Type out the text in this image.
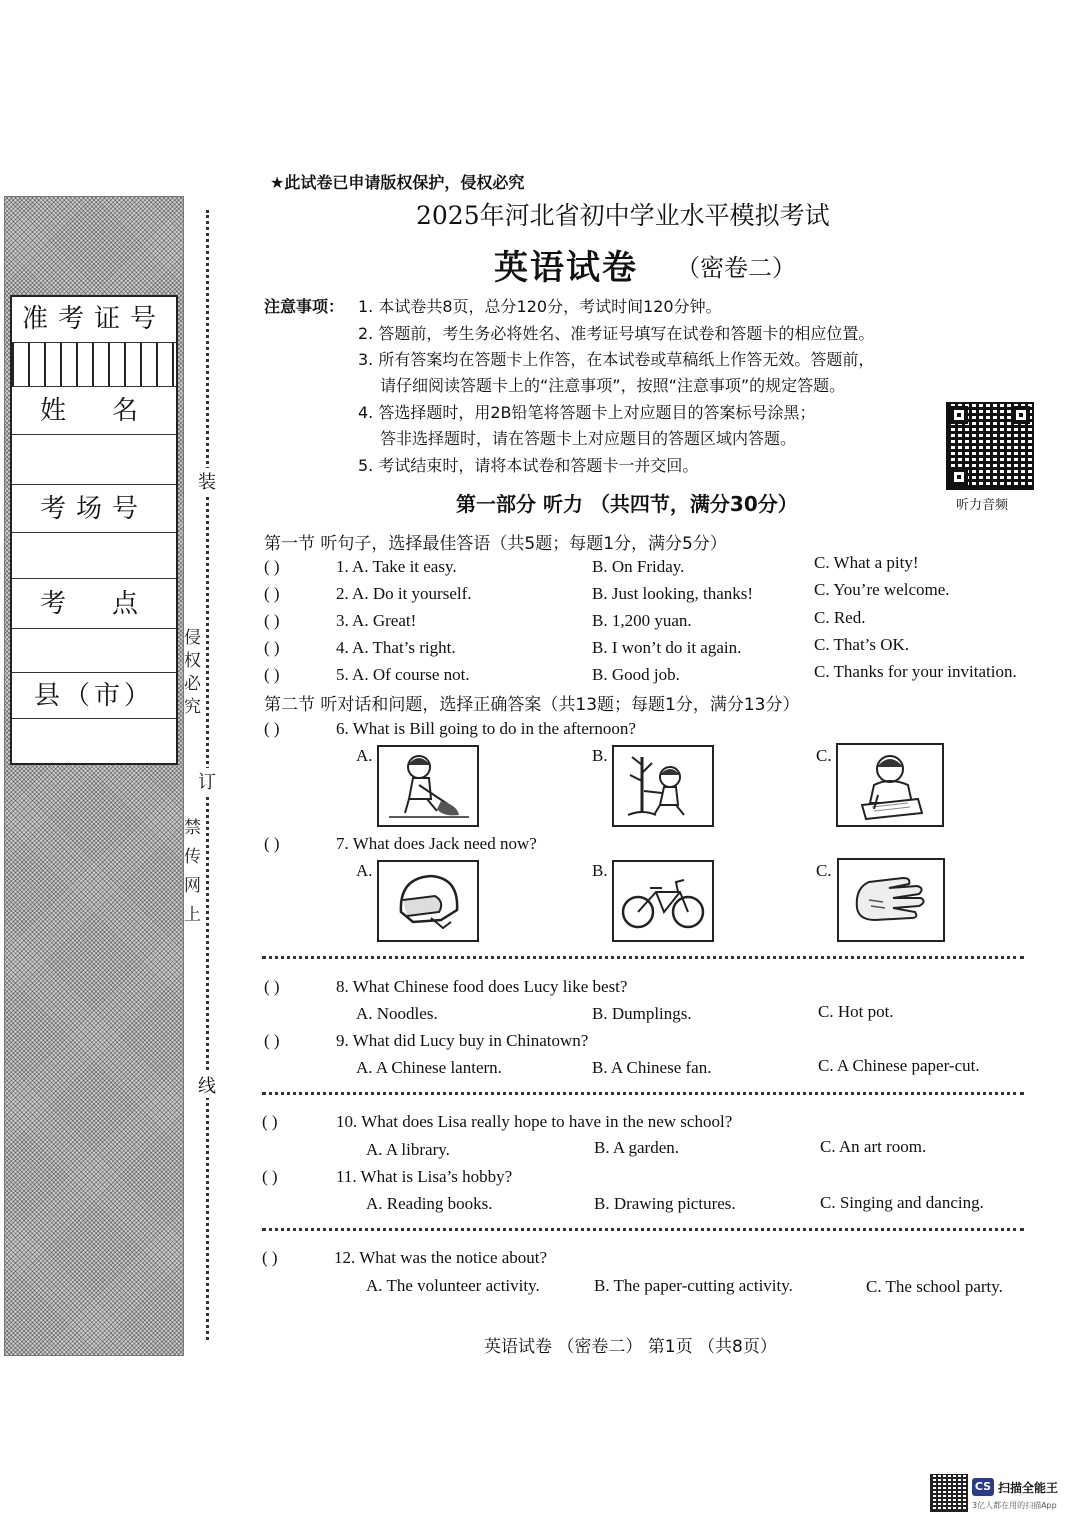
准考证号
姓　名
考场号
考　点
县（市）	侵权必究
禁传网上
装
订
线
★此试卷已申请版权保护，侵权必究
2025年河北省初中学业水平模拟考试
英语试卷 （密卷二）
注意事项： 1. 本试卷共8页，总分120分，考试时间120分钟。
2. 答题前，考生务必将姓名、准考证号填写在试卷和答题卡的相应位置。
3. 所有答案均在答题卡上作答，在本试卷或草稿纸上作答无效。答题前，
请仔细阅读答题卡上的“注意事项”，按照“注意事项”的规定答题。
4. 答选择题时，用2B铅笔将答题卡上对应题目的答案标号涂黑；
答非选择题时，请在答题卡上对应题目的答题区域内答题。
5. 考试结束时，请将本试卷和答题卡一并交回。
听力音频
第一部分 听力 （共四节，满分30分）
第一节 听句子，选择最佳答语（共5题；每题1分，满分5分）
( )	1. A. Take it easy.	B. On Friday.	C. What a pity!
( )	2. A. Do it yourself.	B. Just looking, thanks!	C. You’re welcome.
( )	3. A. Great!	B. 1,200 yuan.	C. Red.
( )	4. A. That’s right.	B. I won’t do it again.	C. That’s OK.
( )	5. A. Of course not.	B. Good job.	C. Thanks for your invitation.
第二节 听对话和问题，选择正确答案（共13题；每题1分，满分13分）
( )	6. What is Bill going to do in the afternoon?
A.	B.	C.
( )	7. What does Jack need now?
A.	B.	C.
( )	8. What Chinese food does Lucy like best?
A. Noodles.	B. Dumplings.	C. Hot pot.
( )	9. What did Lucy buy in Chinatown?
A. A Chinese lantern.	B. A Chinese fan.	C. A Chinese paper-cut.
( )	10. What does Lisa really hope to have in the new school?
A. A library.	B. A garden.	C. An art room.
( )	11. What is Lisa’s hobby?
A. Reading books.	B. Drawing pictures.	C. Singing and dancing.
( )	12. What was the notice about?
A. The volunteer activity.	B. The paper-cutting activity.	C. The school party.
英语试卷 （密卷二） 第1页 （共8页）
CS 扫描全能王
3亿人都在用的扫描App
